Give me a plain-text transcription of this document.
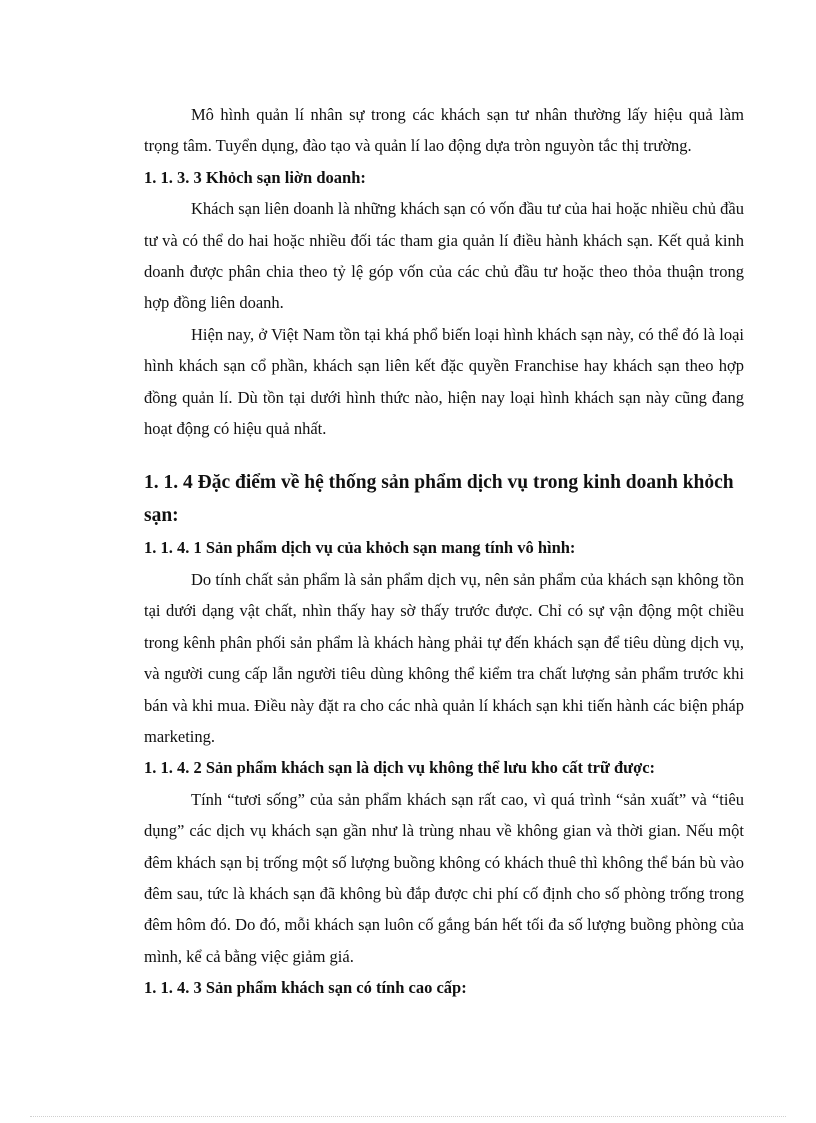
Mô hình quản lí nhân sự trong các khách sạn tư nhân thường lấy hiệu quả làm trọng tâm. Tuyển dụng, đào tạo và quản lí lao động dựa tròn nguyòn tắc thị trường.

1. 1. 3. 3 Khỏch sạn liờn doanh:

Khách sạn liên doanh là những khách sạn có vốn đầu tư của hai hoặc nhiều chủ đầu tư và có thể do hai hoặc nhiều đối tác tham gia quản lí điều hành khách sạn. Kết quả kinh doanh được phân chia theo tỷ lệ góp vốn của các chủ đầu tư hoặc theo thỏa thuận trong hợp đồng liên doanh.

Hiện nay, ở Việt Nam tồn tại khá phổ biến loại hình khách sạn này, có thể đó là loại hình khách sạn cổ phần, khách sạn liên kết đặc quyền Franchise hay khách sạn theo hợp đồng quản lí. Dù tồn tại dưới hình thức nào, hiện nay loại hình khách sạn này cũng đang hoạt động có hiệu quả nhất.

1. 1. 4 Đặc điểm về hệ thống sản phẩm dịch vụ trong kinh doanh khỏch sạn:

1. 1. 4. 1 Sản phẩm dịch vụ của khỏch sạn mang tính vô hình:

Do tính chất sản phẩm là sản phẩm dịch vụ, nên sản phẩm của khách sạn không tồn tại dưới dạng vật chất, nhìn thấy hay sờ thấy trước được. Chỉ có sự vận động một chiều trong kênh phân phối sản phẩm là khách hàng phải tự đến khách sạn để tiêu dùng dịch vụ, và người cung cấp lẫn người tiêu dùng không thể kiểm tra chất lượng sản phẩm trước khi bán và khi mua. Điều này đặt ra cho các nhà quản lí khách sạn khi tiến hành các biện pháp marketing.

1. 1. 4. 2 Sản phẩm khách sạn là dịch vụ không thể lưu kho cất trữ được:

Tính “tươi sống” của sản phẩm khách sạn rất cao, vì quá trình “sản xuất” và “tiêu dụng” các dịch vụ khách sạn gần như là trùng nhau về không gian và thời gian. Nếu một đêm khách sạn bị trống một số lượng buồng không có khách thuê thì không thể bán bù vào đêm sau, tức là khách sạn đã không bù đắp được chi phí cố định cho số phòng trống trong đêm hôm đó. Do đó, mỗi khách sạn luôn cố gắng bán hết tối đa số lượng buồng phòng của mình, kể cả bằng việc giảm giá.

1. 1. 4. 3 Sản phẩm khách sạn có tính cao cấp:
